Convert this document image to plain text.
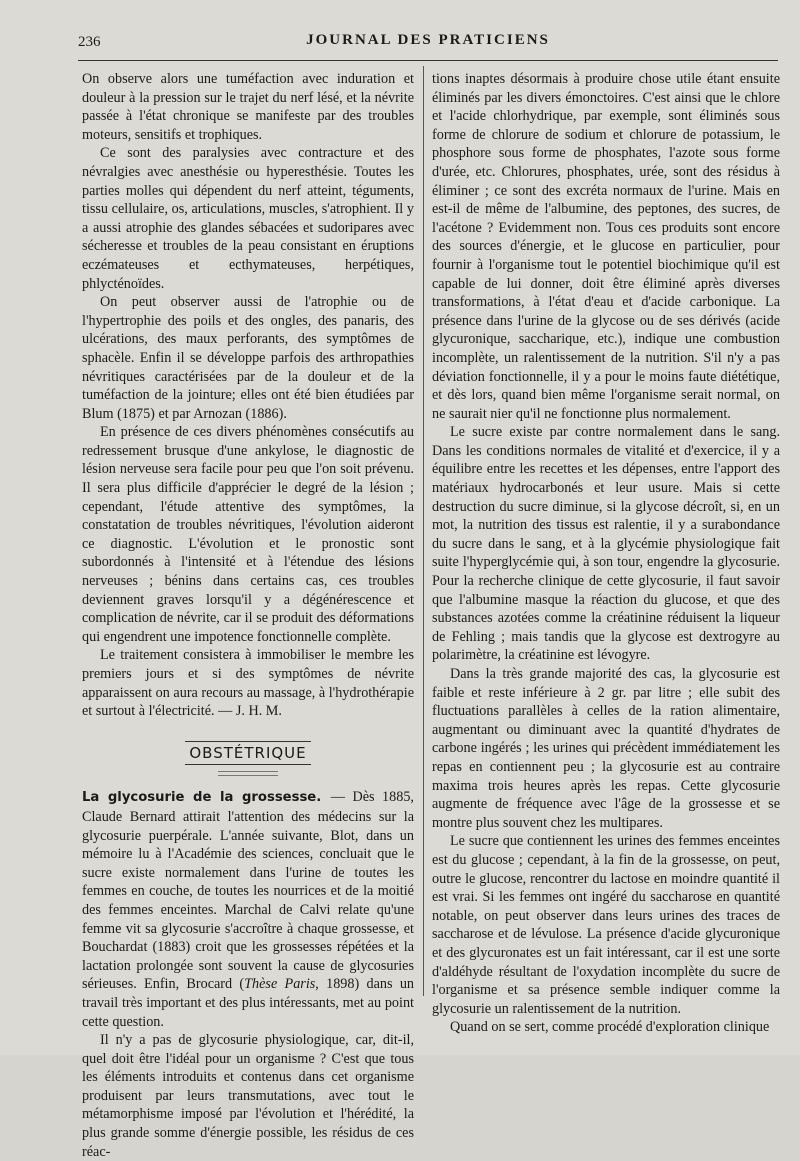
236	JOURNAL DES PRATICIENS

On observe alors une tuméfaction avec induration et douleur à la pression sur le trajet du nerf lésé, et la névrite passée à l'état chronique se manifeste par des troubles moteurs, sensitifs et trophiques.

Ce sont des paralysies avec contracture et des névralgies avec anesthésie ou hyperesthésie. Toutes les parties molles qui dépendent du nerf atteint, téguments, tissu cellulaire, os, articulations, muscles, s'atrophient. Il y a aussi atrophie des glandes sébacées et sudoripares avec sécheresse et troubles de la peau consistant en éruptions eczémateuses et ecthymateuses, herpétiques, phlycténoïdes.

On peut observer aussi de l'atrophie ou de l'hypertrophie des poils et des ongles, des panaris, des ulcérations, des maux perforants, des symptômes de sphacèle. Enfin il se développe parfois des arthropathies névritiques caractérisées par de la douleur et de la tuméfaction de la jointure; elles ont été bien étudiées par Blum (1875) et par Arnozan (1886).

En présence de ces divers phénomènes consécutifs au redressement brusque d'une ankylose, le diagnostic de lésion nerveuse sera facile pour peu que l'on soit prévenu. Il sera plus difficile d'apprécier le degré de la lésion ; cependant, l'étude attentive des symptômes, la constatation de troubles névritiques, l'évolution aideront ce diagnostic. L'évolution et le pronostic sont subordonnés à l'intensité et à l'étendue des lésions nerveuses ; bénins dans certains cas, ces troubles deviennent graves lorsqu'il y a dégénérescence et complication de névrite, car il se produit des déformations qui engendrent une impotence fonctionnelle complète.

Le traitement consistera à immobiliser le membre les premiers jours et si des symptômes de névrite apparaissent on aura recours au massage, à l'hydrothérapie et surtout à l'électricité. — J. H. M.

OBSTÉTRIQUE

La glycosurie de la grossesse. — Dès 1885, Claude Bernard attirait l'attention des médecins sur la glycosurie puerpérale. L'année suivante, Blot, dans un mémoire lu à l'Académie des sciences, concluait que le sucre existe normalement dans l'urine de toutes les femmes en couche, de toutes les nourrices et de la moitié des femmes enceintes. Marchal de Calvi relate qu'une femme vit sa glycosurie s'accroître à chaque grossesse, et Bouchardat (1883) croit que les grossesses répétées et la lactation prolongée sont souvent la cause de glycosuries sérieuses. Enfin, Brocard (Thèse Paris, 1898) dans un travail très important et des plus intéressants, met au point cette question.

Il n'y a pas de glycosurie physiologique, car, dit-il, quel doit être l'idéal pour un organisme ? C'est que tous les éléments introduits et contenus dans cet organisme produisent par leurs transmutations, avec tout le métamorphisme imposé par l'évolution et l'hérédité, la plus grande somme d'énergie possible, les résidus de ces réac-

tions inaptes désormais à produire chose utile étant ensuite éliminés par les divers émonctoires. C'est ainsi que le chlore et l'acide chlorhydrique, par exemple, sont éliminés sous forme de chlorure de sodium et chlorure de potassium, le phosphore sous forme de phosphates, l'azote sous forme d'urée, etc. Chlorures, phosphates, urée, sont des résidus à éliminer ; ce sont des excréta normaux de l'urine. Mais en est-il de même de l'albumine, des peptones, des sucres, de l'acétone ? Evidemment non. Tous ces produits sont encore des sources d'énergie, et le glucose en particulier, pour fournir à l'organisme tout le potentiel biochimique qu'il est capable de lui donner, doit être éliminé après diverses transformations, à l'état d'eau et d'acide carbonique. La présence dans l'urine de la glycose ou de ses dérivés (acide glycuronique, saccharique, etc.), indique une combustion incomplète, un ralentissement de la nutrition. S'il n'y a pas déviation fonctionnelle, il y a pour le moins faute diététique, et dès lors, quand bien même l'organisme serait normal, on ne saurait nier qu'il ne fonctionne plus normalement.

Le sucre existe par contre normalement dans le sang. Dans les conditions normales de vitalité et d'exercice, il y a équilibre entre les recettes et les dépenses, entre l'apport des matériaux hydrocarbonés et leur usure. Mais si cette destruction du sucre diminue, si la glycose décroît, si, en un mot, la nutrition des tissus est ralentie, il y a surabondance du sucre dans le sang, et à la glycémie physiologique fait suite l'hyperglycémie qui, à son tour, engendre la glycosurie. Pour la recherche clinique de cette glycosurie, il faut savoir que l'albumine masque la réaction du glucose, et que des substances azotées comme la créatinine réduisent la liqueur de Fehling ; mais tandis que la glycose est dextrogyre au polarimètre, la créatinine est lévogyre.

Dans la très grande majorité des cas, la glycosurie est faible et reste inférieure à 2 gr. par litre ; elle subit des fluctuations parallèles à celles de la ration alimentaire, augmentant ou diminuant avec la quantité d'hydrates de carbone ingérés ; les urines qui précèdent immédiatement les repas en contiennent peu ; la glycosurie est au contraire maxima trois heures après les repas. Cette glycosurie augmente de fréquence avec l'âge de la grossesse et se montre plus souvent chez les multipares.

Le sucre que contiennent les urines des femmes enceintes est du glucose ; cependant, à la fin de la grossesse, on peut, outre le glucose, rencontrer du lactose en moindre quantité il est vrai. Si les femmes ont ingéré du saccharose en quantité notable, on peut observer dans leurs urines des traces de saccharose et de lévulose. La présence d'acide glycuronique et des glycuronates est un fait intéressant, car il est une sorte d'aldéhyde résultant de l'oxydation incomplète du sucre de l'organisme et sa présence semble indiquer comme la glycosurie un ralentissement de la nutrition.

Quand on se sert, comme procédé d'exploration clinique
